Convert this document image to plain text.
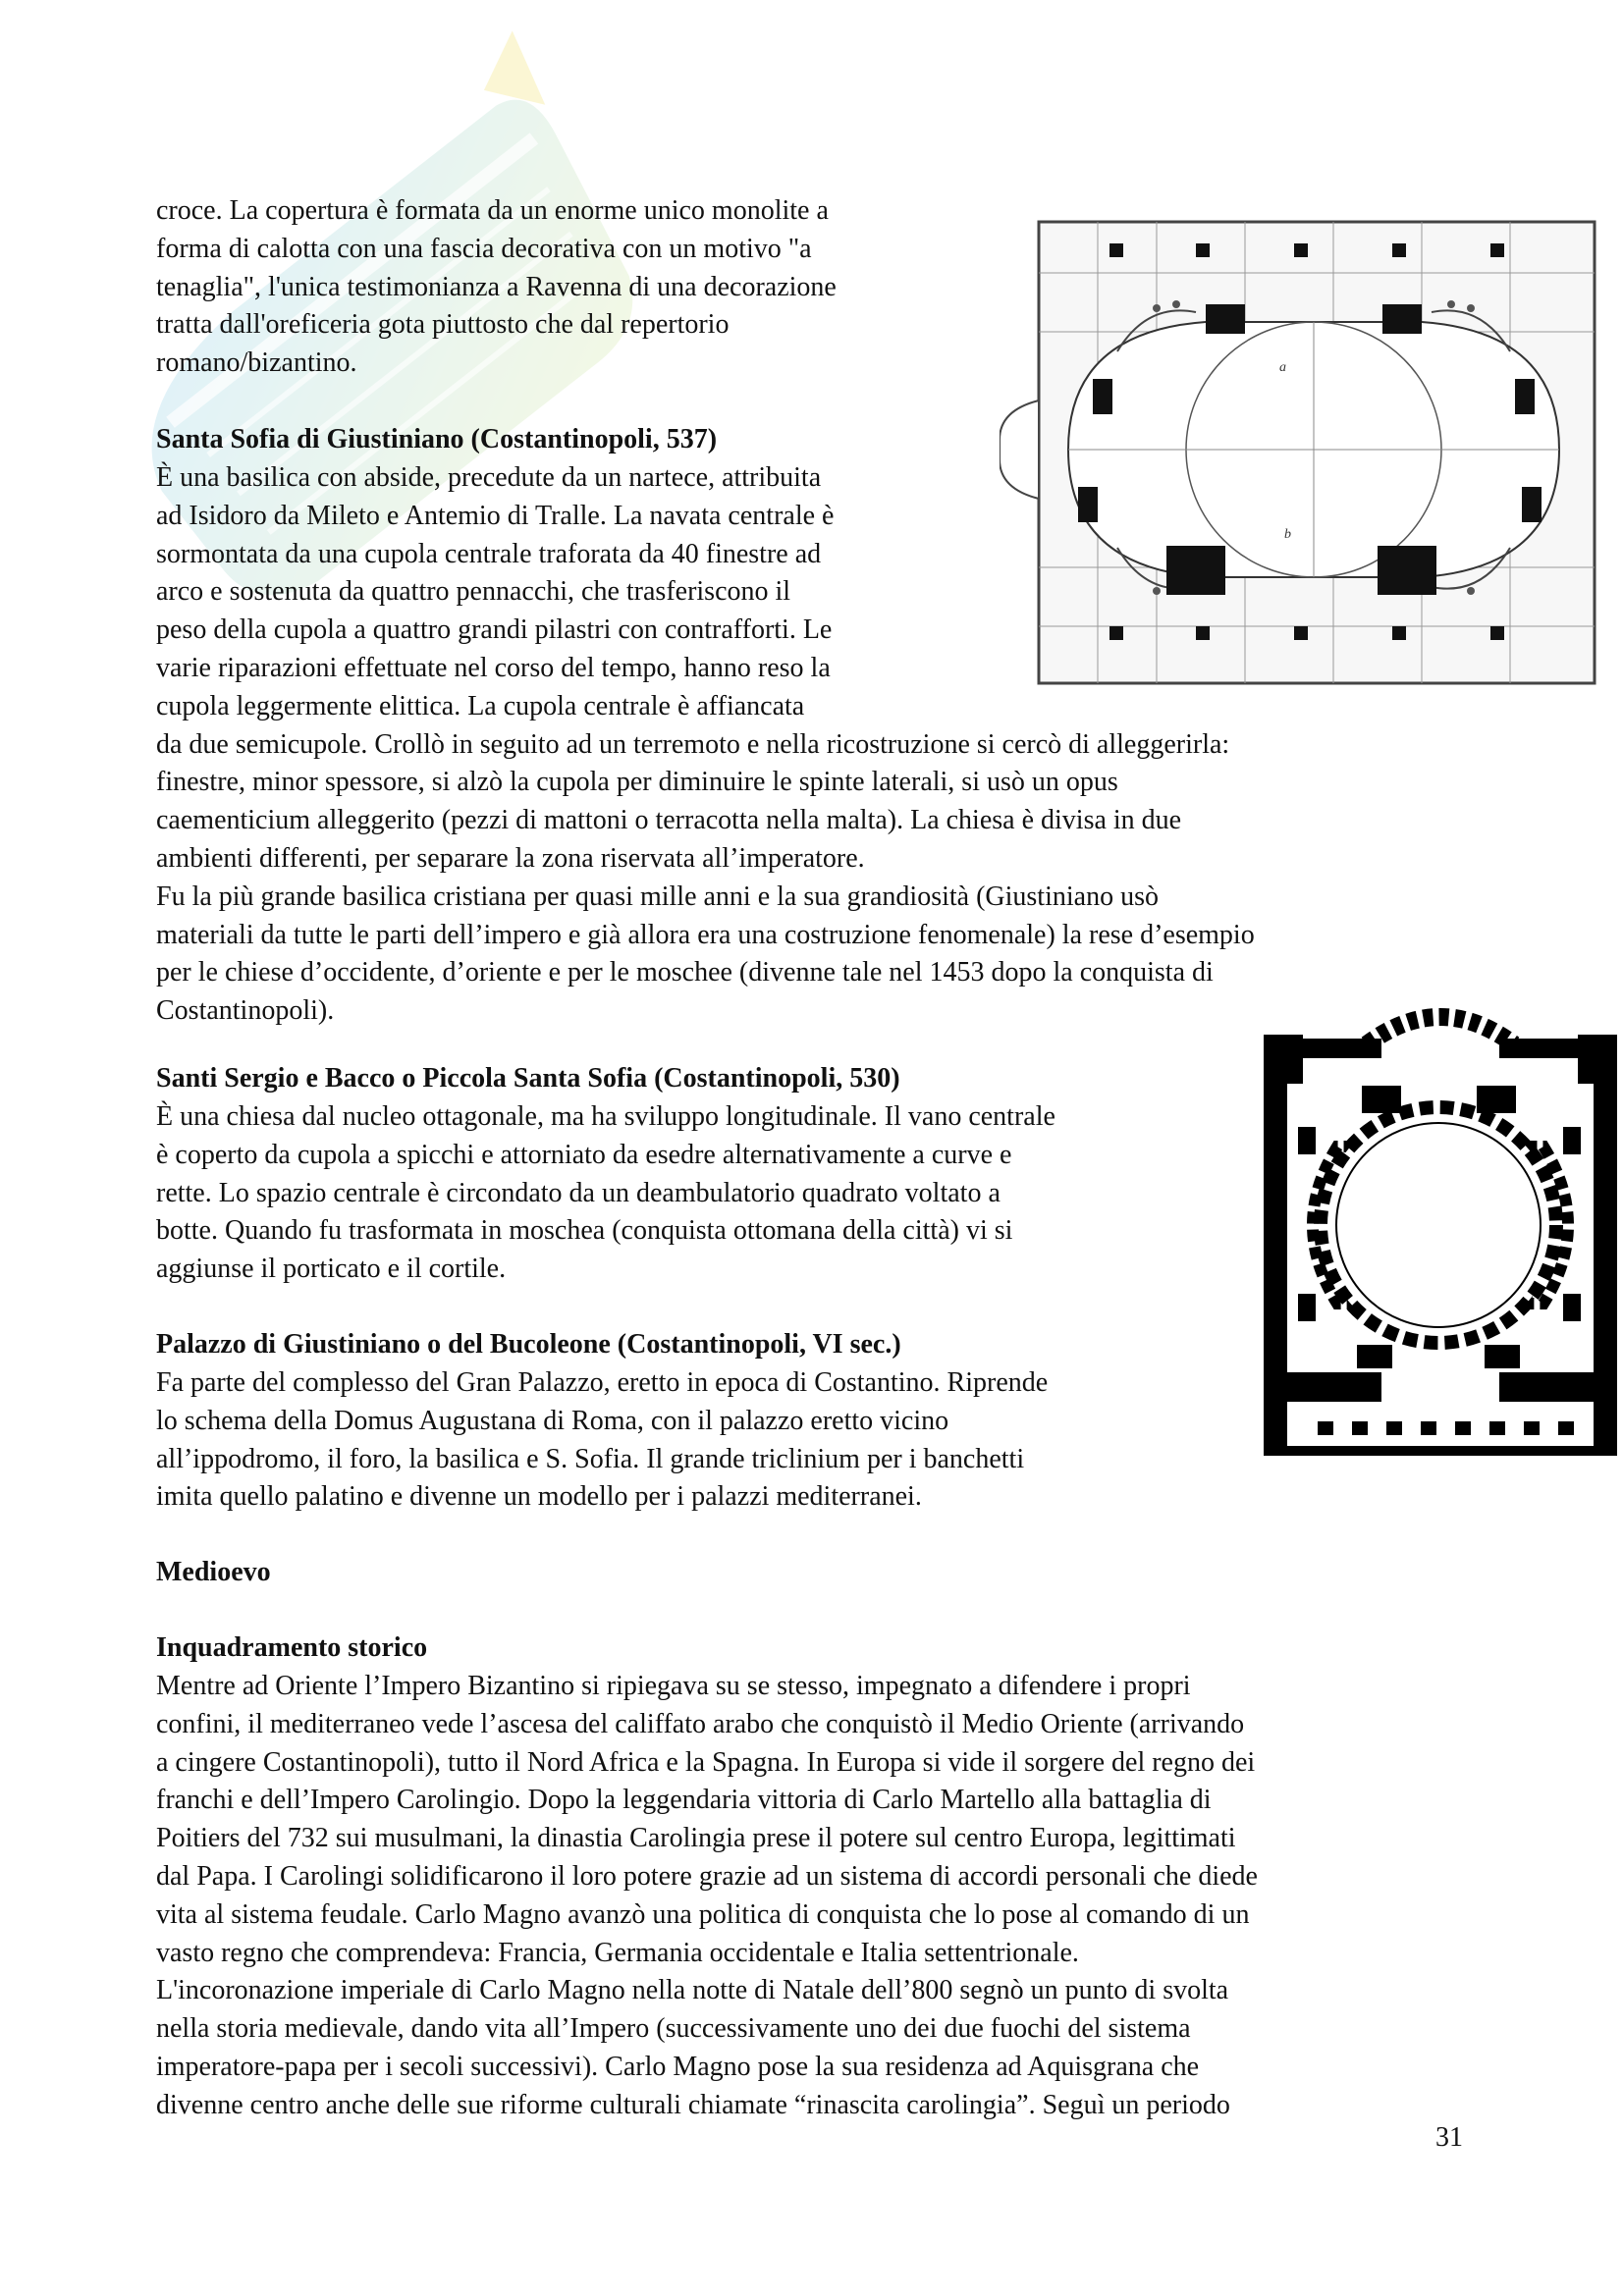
croce. La copertura è formata da un enorme unico monolite a
forma di calotta con una fascia decorativa con un motivo "a
tenaglia", l'unica testimonianza a Ravenna di una decorazione
tratta dall'oreficeria gota piuttosto che dal repertorio
romano/bizantino.
Santa Sofia di Giustiniano (Costantinopoli, 537)
È una basilica con abside, precedute da un nartece, attribuita
ad Isidoro da Mileto e Antemio di Tralle. La navata centrale è
sormontata da una cupola centrale traforata da 40 finestre ad
arco e sostenuta da quattro pennacchi, che trasferiscono il
peso della cupola a quattro grandi pilastri con contrafforti. Le
varie riparazioni effettuate nel corso del tempo, hanno reso la
cupola leggermente elittica. La cupola centrale è affiancata
da due semicupole. Crollò in seguito ad un terremoto e nella ricostruzione si cercò di alleggerirla:
finestre, minor spessore, si alzò la cupola per diminuire le spinte laterali, si usò un opus
caementicium alleggerito (pezzi di mattoni o terracotta nella malta). La chiesa è divisa in due
ambienti differenti, per separare la zona riservata all’imperatore.
Fu la più grande basilica cristiana per quasi mille anni e la sua grandiosità (Giustiniano usò
materiali da tutte le parti dell’impero e già allora era una costruzione fenomenale) la rese d’esempio
per le chiese d’occidente, d’oriente e per le moschee (divenne tale nel 1453 dopo la conquista di
Costantinopoli).
a
b
Santi Sergio e Bacco o Piccola Santa Sofia (Costantinopoli, 530)
È una chiesa dal nucleo ottagonale, ma ha sviluppo longitudinale. Il vano centrale
è coperto da cupola a spicchi e attorniato da esedre alternativamente a curve e
rette. Lo spazio centrale è circondato da un deambulatorio quadrato voltato a
botte. Quando fu trasformata in moschea (conquista ottomana della città) vi si
aggiunse il porticato e il cortile.
Palazzo di Giustiniano o del Bucoleone (Costantinopoli, VI sec.)
Fa parte del complesso del Gran Palazzo, eretto in epoca di Costantino. Riprende
lo schema della Domus Augustana di Roma, con il palazzo eretto vicino
all’ippodromo, il foro, la basilica e S. Sofia. Il grande triclinium per i banchetti
imita quello palatino e divenne un modello per i palazzi mediterranei.
Medioevo
Inquadramento storico
Mentre ad Oriente l’Impero Bizantino si ripiegava su se stesso, impegnato a difendere i propri
confini, il mediterraneo vede l’ascesa del califfato arabo che conquistò il Medio Oriente (arrivando
a cingere Costantinopoli), tutto il Nord Africa e la Spagna. In Europa si vide il sorgere del regno dei
franchi e dell’Impero Carolingio. Dopo la leggendaria vittoria di Carlo Martello alla battaglia di
Poitiers del 732 sui musulmani, la dinastia Carolingia prese il potere sul centro Europa, legittimati
dal Papa. I Carolingi solidificarono il loro potere grazie ad un sistema di accordi personali che diede
vita al sistema feudale. Carlo Magno avanzò una politica di conquista che lo pose al comando di un
vasto regno che comprendeva: Francia, Germania occidentale e Italia settentrionale.
L'incoronazione imperiale di Carlo Magno nella notte di Natale dell’800 segnò un punto di svolta
nella storia medievale, dando vita all’Impero (successivamente uno dei due fuochi del sistema
imperatore-papa per i secoli successivi). Carlo Magno pose la sua residenza ad Aquisgrana che
divenne centro anche delle sue riforme culturali chiamate “rinascita carolingia”. Seguì un periodo
31
